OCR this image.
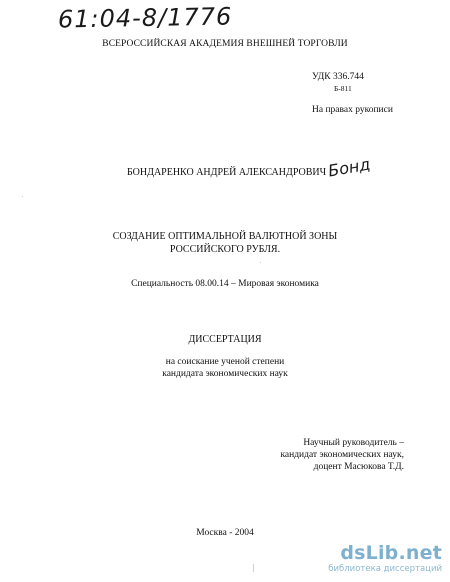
61:04-8/1776
ВСЕРОССИЙСКАЯ АКАДЕМИЯ ВНЕШНЕЙ ТОРГОВЛИ
УДК 336.744
Б-811
На правах рукописи
БОНДАРЕНКО АНДРЕЙ АЛЕКСАНДРОВИЧ Бонд
СОЗДАНИЕ ОПТИМАЛЬНОЙ ВАЛЮТНОЙ ЗОНЫ
РОССИЙСКОГО РУБЛЯ.
Специальность 08.00.14 – Мировая экономика
ДИССЕРТАЦИЯ
на соискание ученой степени
кандидата экономических наук
Научный руководитель –
кандидат экономических наук,
доцент Масюкова Т.Д.
Москва - 2004
dsLib.net
библиотека диссертаций
